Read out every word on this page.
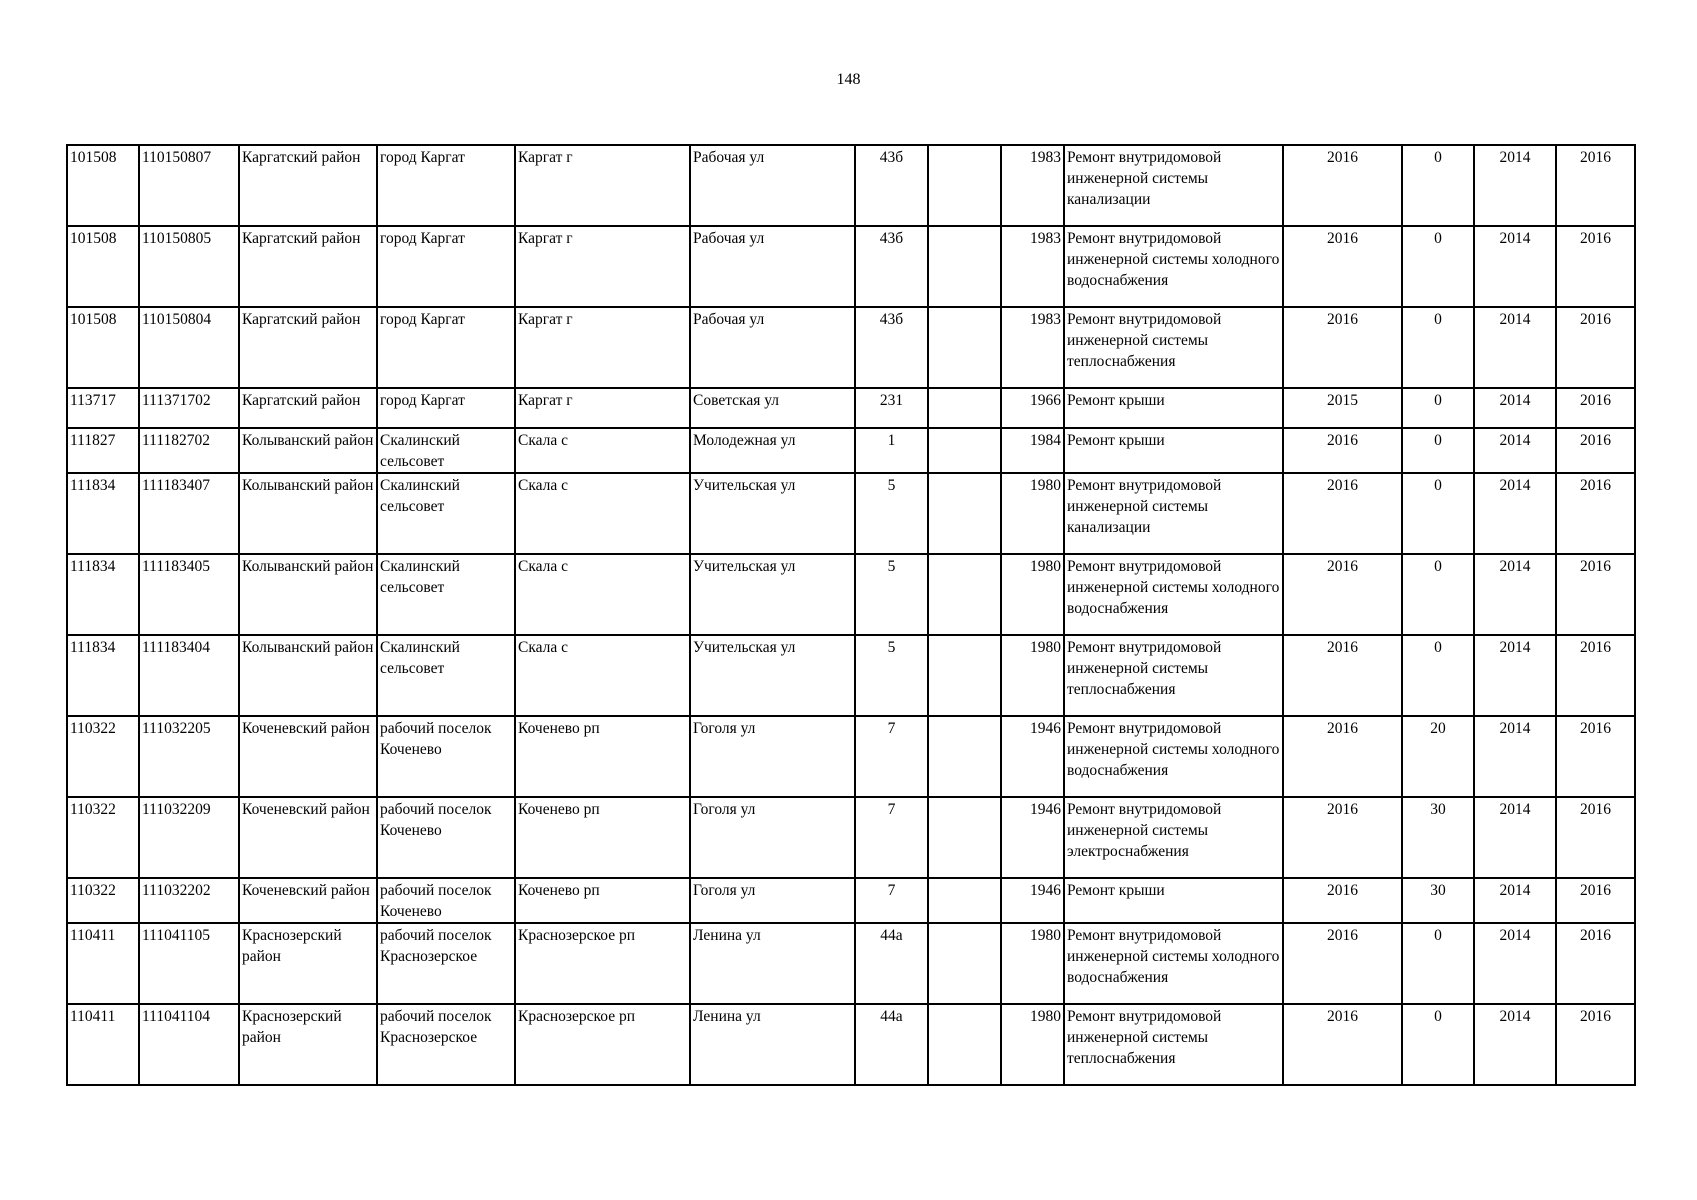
148
101508	110150807	Каргатский район	город Каргат	Каргат г	Рабочая ул	43б		1983	Ремонт внутридомовой инженерной системы канализации	2016	0	2014	2016
101508	110150805	Каргатский район	город Каргат	Каргат г	Рабочая ул	43б		1983	Ремонт внутридомовой инженерной системы холодного водоснабжения	2016	0	2014	2016
101508	110150804	Каргатский район	город Каргат	Каргат г	Рабочая ул	43б		1983	Ремонт внутридомовой инженерной системы теплоснабжения	2016	0	2014	2016
113717	111371702	Каргатский район	город Каргат	Каргат г	Советская ул	231		1966	Ремонт крыши	2015	0	2014	2016
111827	111182702	Колыванский район	Скалинский сельсовет	Скала с	Молодежная ул	1		1984	Ремонт крыши	2016	0	2014	2016
111834	111183407	Колыванский район	Скалинский сельсовет	Скала с	Учительская ул	5		1980	Ремонт внутридомовой инженерной системы канализации	2016	0	2014	2016
111834	111183405	Колыванский район	Скалинский сельсовет	Скала с	Учительская ул	5		1980	Ремонт внутридомовой инженерной системы холодного водоснабжения	2016	0	2014	2016
111834	111183404	Колыванский район	Скалинский сельсовет	Скала с	Учительская ул	5		1980	Ремонт внутридомовой инженерной системы теплоснабжения	2016	0	2014	2016
110322	111032205	Коченевский район	рабочий поселок Коченево	Коченево рп	Гоголя ул	7		1946	Ремонт внутридомовой инженерной системы холодного водоснабжения	2016	20	2014	2016
110322	111032209	Коченевский район	рабочий поселок Коченево	Коченево рп	Гоголя ул	7		1946	Ремонт внутридомовой инженерной системы электроснабжения	2016	30	2014	2016
110322	111032202	Коченевский район	рабочий поселок Коченево	Коченево рп	Гоголя ул	7		1946	Ремонт крыши	2016	30	2014	2016
110411	111041105	Краснозерский район	рабочий поселок Краснозерское	Краснозерское рп	Ленина ул	44а		1980	Ремонт внутридомовой инженерной системы холодного водоснабжения	2016	0	2014	2016
110411	111041104	Краснозерский район	рабочий поселок Краснозерское	Краснозерское рп	Ленина ул	44а		1980	Ремонт внутридомовой инженерной системы теплоснабжения	2016	0	2014	2016
